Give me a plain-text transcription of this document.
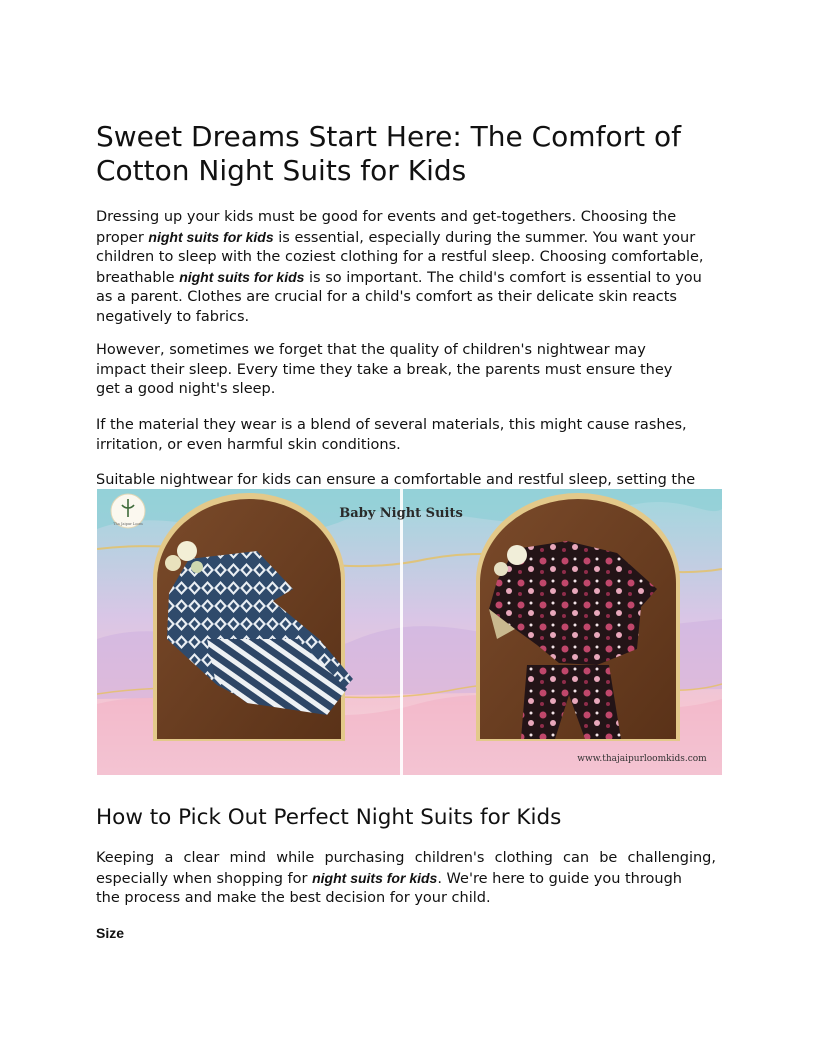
Sweet Dreams Start Here: The Comfort of
Cotton Night Suits for Kids

Dressing up your kids must be good for events and get-togethers. Choosing the
proper night suits for kids is essential, especially during the summer. You want your
children to sleep with the coziest clothing for a restful sleep. Choosing comfortable,
breathable night suits for kids is so important. The child's comfort is essential to you
as a parent. Clothes are crucial for a child's comfort as their delicate skin reacts
negatively to fabrics.

However, sometimes we forget that the quality of children's nightwear may
impact their sleep. Every time they take a break, the parents must ensure they
get a good night's sleep.

If the material they wear is a blend of several materials, this might cause rashes,
irritation, or even harmful skin conditions.

Suitable nightwear for kids can ensure a comfortable and restful sleep, setting the

Tha Jaipur Loom
Baby Night Suits
www.thajaipurloomkids.com
How to Pick Out Perfect Night Suits for Kids

Keeping a clear mind while purchasing children's clothing can be challenging,
especially when shopping for night suits for kids. We're here to guide you through
the process and make the best decision for your child.

Size
